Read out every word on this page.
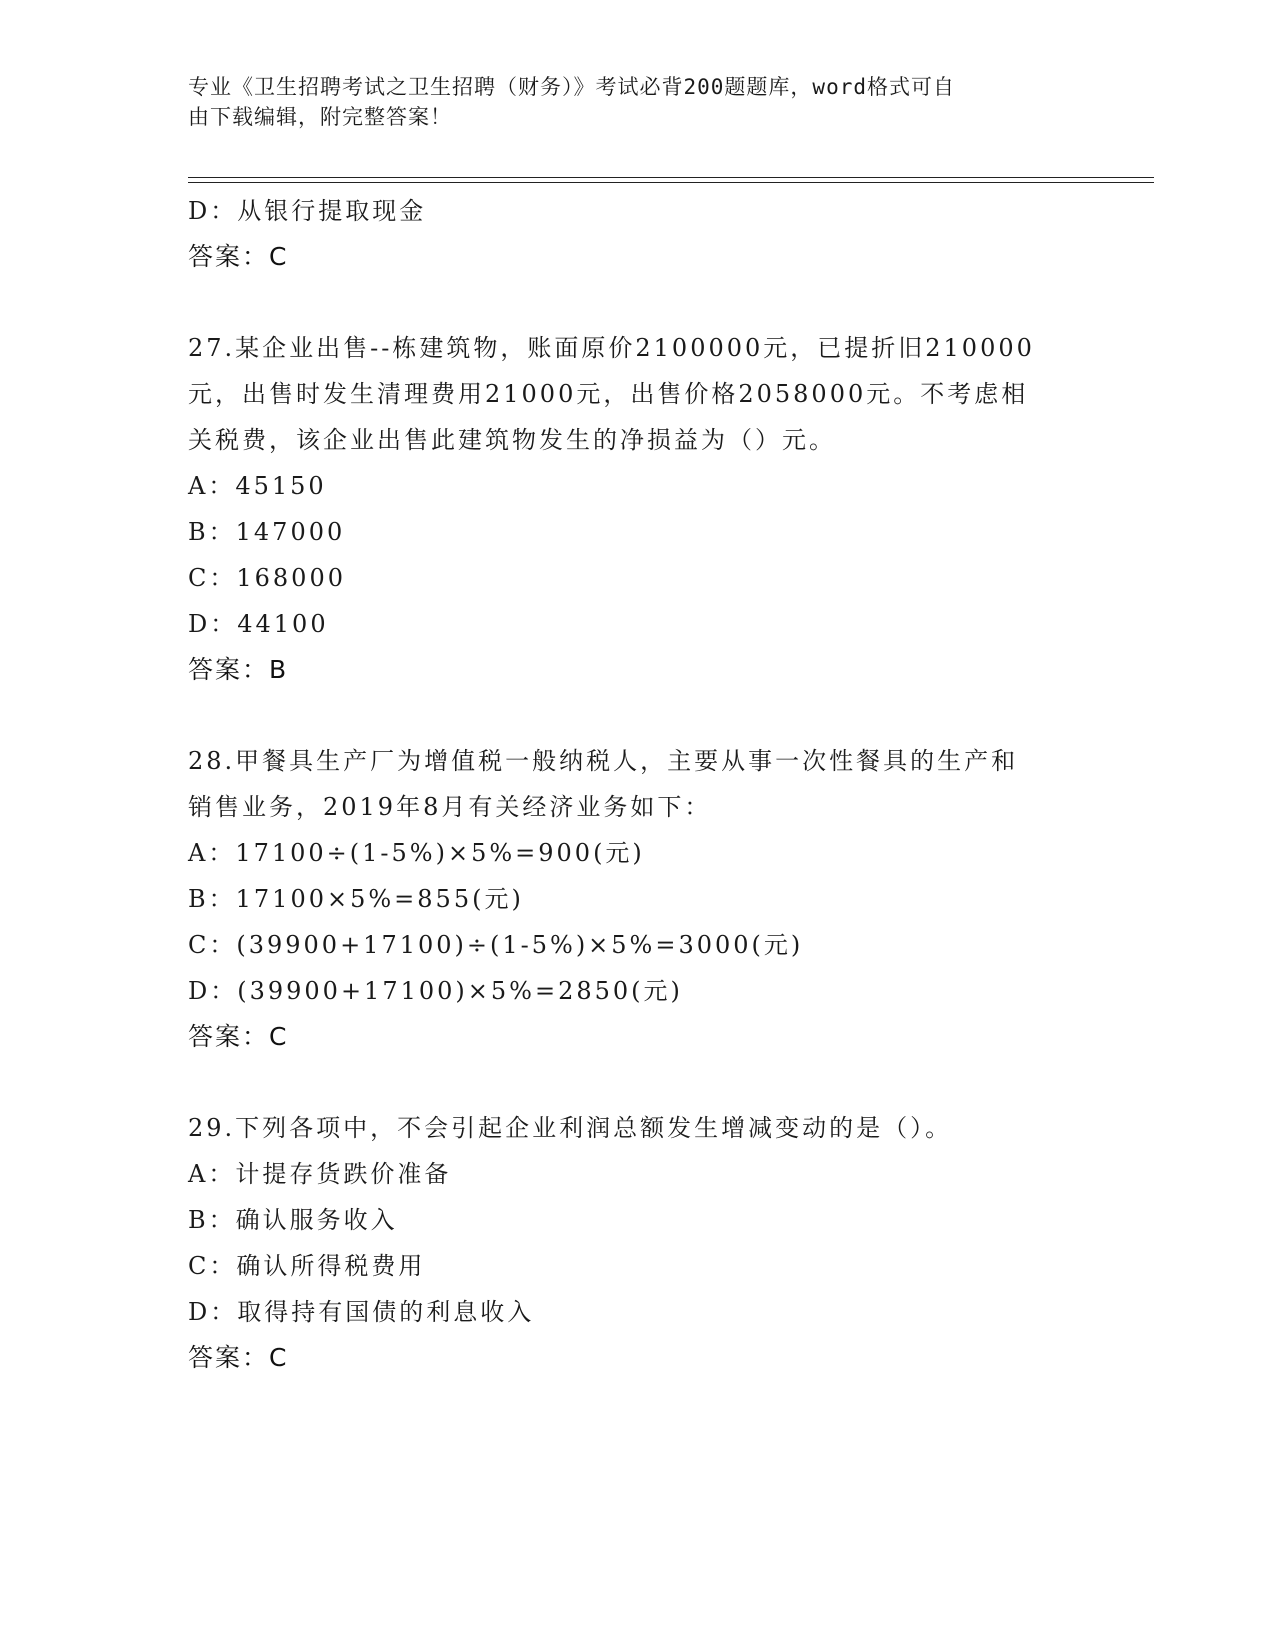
专业《卫生招聘考试之卫生招聘（财务）》考试必背200题题库，word格式可自
由下载编辑，附完整答案！
D：从银行提取现金
答案：C
27.某企业出售--栋建筑物，账面原价2100000元，已提折旧210000
元，出售时发生清理费用21000元，出售价格2058000元。不考虑相
关税费，该企业出售此建筑物发生的净损益为（）元。
A：45150
B：147000
C：168000
D：44100
答案：B
28.甲餐具生产厂为增值税一般纳税人，主要从事一次性餐具的生产和
销售业务，2019年8月有关经济业务如下：
A：17100÷(1-5%)×5%=900(元)
B：17100×5%=855(元)
C：(39900+17100)÷(1-5%)×5%=3000(元)
D：(39900+17100)×5%=2850(元)
答案：C
29.下列各项中，不会引起企业利润总额发生增减变动的是（）。
A：计提存货跌价准备
B：确认服务收入
C：确认所得税费用
D：取得持有国债的利息收入
答案：C
